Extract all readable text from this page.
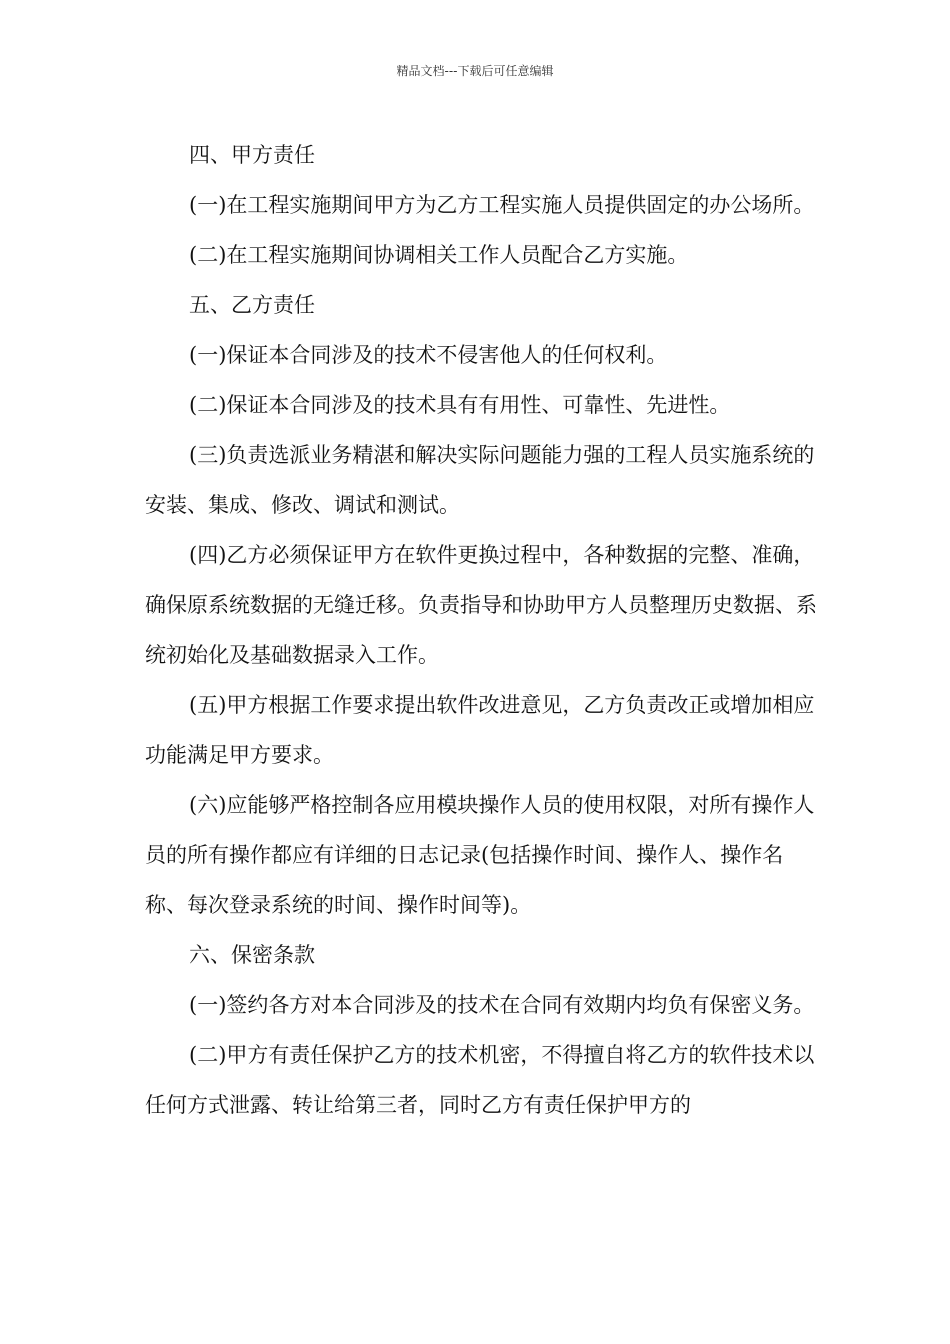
精品文档---下载后可任意编辑

四、甲方责任

(一)在工程实施期间甲方为乙方工程实施人员提供固定的办公场所。

(二)在工程实施期间协调相关工作人员配合乙方实施。

五、乙方责任

(一)保证本合同涉及的技术不侵害他人的任何权利。

(二)保证本合同涉及的技术具有有用性、可靠性、先进性。

(三)负责选派业务精湛和解决实际问题能力强的工程人员实施系统的安装、集成、修改、调试和测试。

(四)乙方必须保证甲方在软件更换过程中，各种数据的完整、准确，确保原系统数据的无缝迁移。负责指导和协助甲方人员整理历史数据、系统初始化及基础数据录入工作。

(五)甲方根据工作要求提出软件改进意见，乙方负责改正或增加相应功能满足甲方要求。

(六)应能够严格控制各应用模块操作人员的使用权限，对所有操作人员的所有操作都应有详细的日志记录(包括操作时间、操作人、操作名称、每次登录系统的时间、操作时间等)。

六、保密条款

(一)签约各方对本合同涉及的技术在合同有效期内均负有保密义务。

(二)甲方有责任保护乙方的技术机密，不得擅自将乙方的软件技术以任何方式泄露、转让给第三者，同时乙方有责任保护甲方的
